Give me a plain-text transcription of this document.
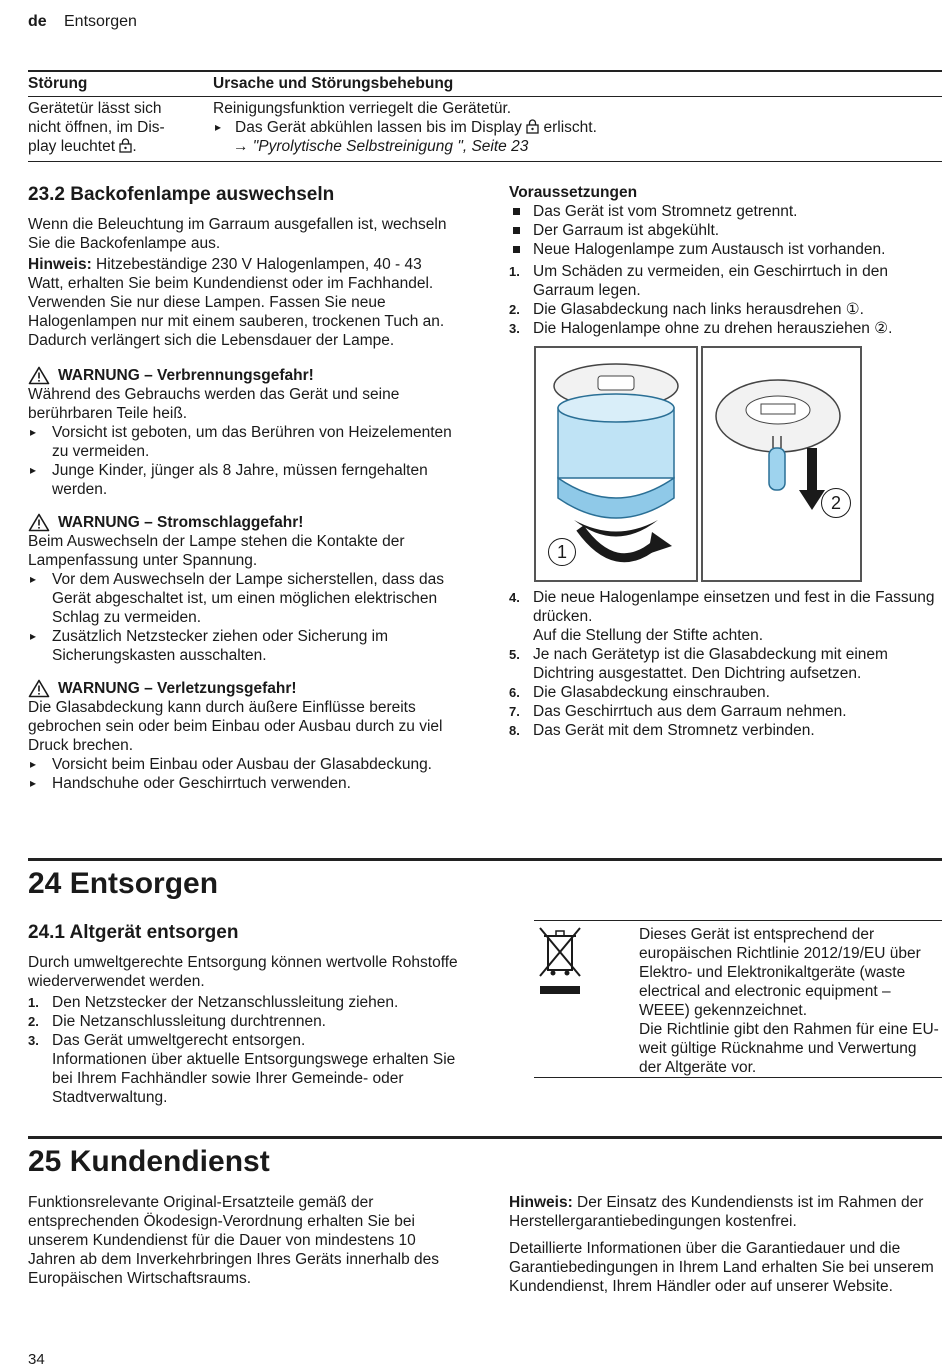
de Entsorgen
Störung	Ursache und Störungsbehebung
Gerätetür lässt sich
nicht öffnen, im Dis-
play leuchtet .
Reinigungsfunktion verriegelt die Gerätetür.
▸ Das Gerät abkühlen lassen bis im Display erlischt.
→ "Pyrolytische Selbstreinigung ", Seite 23
23.2 Backofenlampe auswechseln

Wenn die Beleuchtung im Garraum ausgefallen ist, wechseln Sie die Backofenlampe aus.

Hinweis: Hitzebeständige 230 V Halogenlampen, 40 - 43 Watt, erhalten Sie beim Kundendienst oder im Fachhandel. Verwenden Sie nur diese Lampen. Fassen Sie neue Halogenlampen nur mit einem sauberen, trockenen Tuch an. Dadurch verlängert sich die Lebensdauer der Lampe.

WARNUNG – Verbrennungsgefahr!

Während des Gebrauchs werden das Gerät und seine berührbaren Teile heiß.

▸ Vorsicht ist geboten, um das Berühren von Heizelementen zu vermeiden.
▸ Junge Kinder, jünger als 8 Jahre, müssen ferngehalten werden.
WARNUNG – Stromschlaggefahr!

Beim Auswechseln der Lampe stehen die Kontakte der Lampenfassung unter Spannung.

▸ Vor dem Auswechseln der Lampe sicherstellen, dass das Gerät abgeschaltet ist, um einen möglichen elektrischen Schlag zu vermeiden.
▸ Zusätzlich Netzstecker ziehen oder Sicherung im Sicherungskasten ausschalten.
WARNUNG – Verletzungsgefahr!

Die Glasabdeckung kann durch äußere Einflüsse bereits gebrochen sein oder beim Einbau oder Ausbau durch zu viel Druck brechen.

▸ Vorsicht beim Einbau oder Ausbau der Glasabdeckung.
▸ Handschuhe oder Geschirrtuch verwenden.
Voraussetzungen
Das Gerät ist vom Stromnetz getrennt.
Der Garraum ist abgekühlt.
Neue Halogenlampe zum Austausch ist vorhanden.
1. Um Schäden zu vermeiden, ein Geschirrtuch in den Garraum legen.
2. Die Glasabdeckung nach links herausdrehen ①.
3. Die Halogenlampe ohne zu drehen herausziehen ②.
1
2
4. Die neue Halogenlampe einsetzen und fest in die Fassung drücken.
Auf die Stellung der Stifte achten.
5. Je nach Gerätetyp ist die Glasabdeckung mit einem Dichtring ausgestattet. Den Dichtring aufsetzen.
6. Die Glasabdeckung einschrauben.
7. Das Geschirrtuch aus dem Garraum nehmen.
8. Das Gerät mit dem Stromnetz verbinden.
24 Entsorgen
24.1 Altgerät entsorgen

Durch umweltgerechte Entsorgung können wertvolle Rohstoffe wiederverwendet werden.

1. Den Netzstecker der Netzanschlussleitung ziehen.
2. Die Netzanschlussleitung durchtrennen.
3. Das Gerät umweltgerecht entsorgen.
Informationen über aktuelle Entsorgungswege erhalten Sie bei Ihrem Fachhändler sowie Ihrer Gemeinde- oder Stadtverwaltung.

Dieses Gerät ist entsprechend der europäischen Richtlinie 2012/19/EU über Elektro- und Elektronikaltgeräte (waste electrical and electronic equipment – WEEE) gekennzeichnet.

Die Richtlinie gibt den Rahmen für eine EU-weit gültige Rücknahme und Verwertung der Altgeräte vor.

25 Kundendienst

Funktionsrelevante Original-Ersatzteile gemäß der entsprechenden Ökodesign-Verordnung erhalten Sie bei unserem Kundendienst für die Dauer von mindestens 10 Jahren ab dem Inverkehrbringen Ihres Geräts innerhalb des Europäischen Wirtschaftsraums.

Hinweis: Der Einsatz des Kundendiensts ist im Rahmen der Herstellergarantiebedingungen kostenfrei.

Detaillierte Informationen über die Garantiedauer und die Garantiebedingungen in Ihrem Land erhalten Sie bei unserem Kundendienst, Ihrem Händler oder auf unserer Website.

34
